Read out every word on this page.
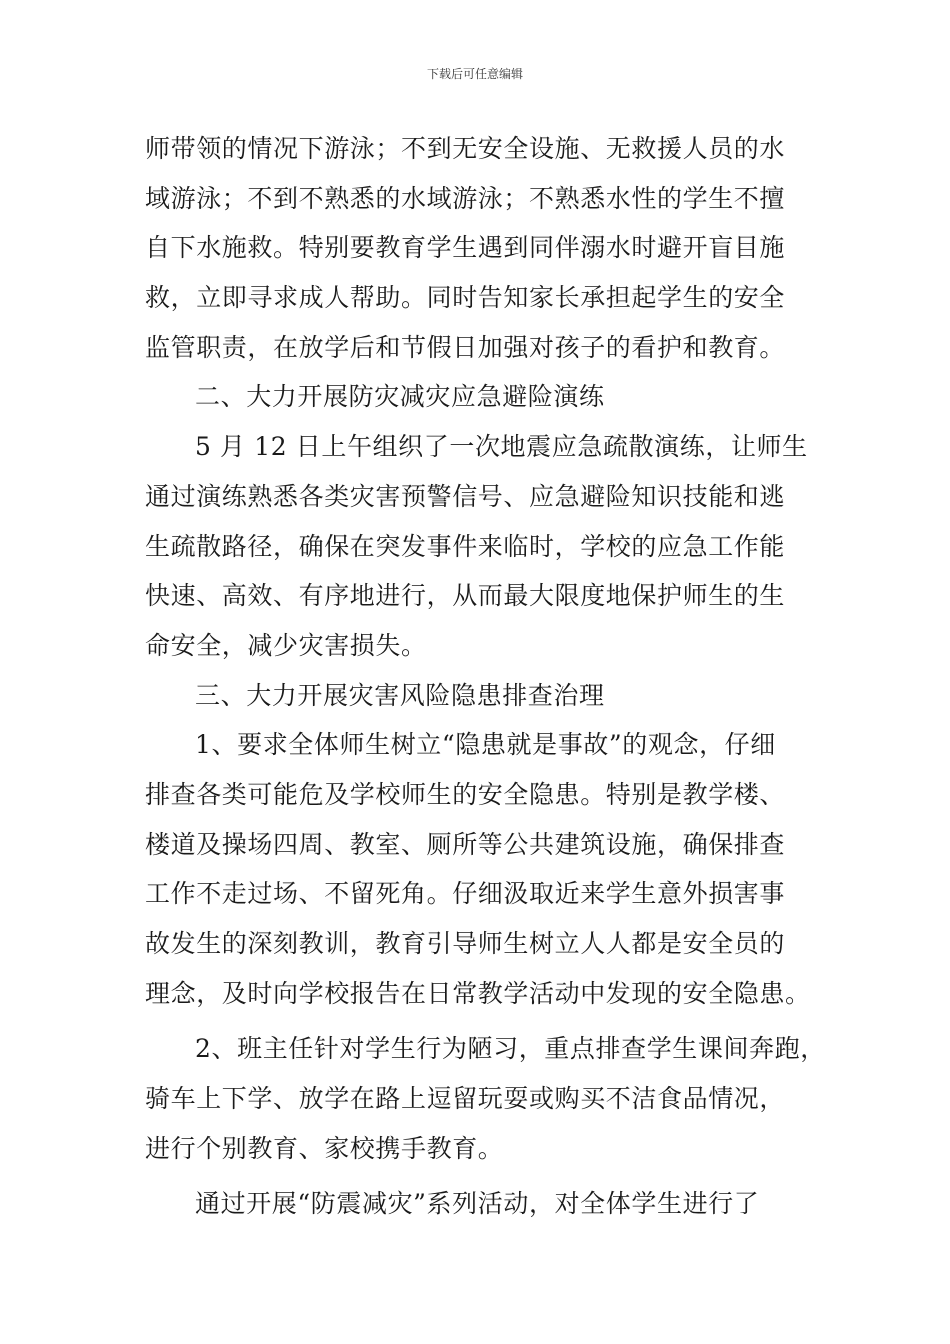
下载后可任意编辑
师带领的情况下游泳；不到无安全设施、无救援人员的水
域游泳；不到不熟悉的水域游泳；不熟悉水性的学生不擅
自下水施救。特别要教育学生遇到同伴溺水时避开盲目施
救，立即寻求成人帮助。同时告知家长承担起学生的安全
监管职责，在放学后和节假日加强对孩子的看护和教育。
二、大力开展防灾减灾应急避险演练
5 月 12 日上午组织了一次地震应急疏散演练，让师生
通过演练熟悉各类灾害预警信号、应急避险知识技能和逃
生疏散路径，确保在突发事件来临时，学校的应急工作能
快速、高效、有序地进行，从而最大限度地保护师生的生
命安全，减少灾害损失。
三、大力开展灾害风险隐患排查治理
1、要求全体师生树立“隐患就是事故”的观念，仔细
排查各类可能危及学校师生的安全隐患。特别是教学楼、
楼道及操场四周、教室、厕所等公共建筑设施，确保排查
工作不走过场、不留死角。仔细汲取近来学生意外损害事
故发生的深刻教训，教育引导师生树立人人都是安全员的
理念，及时向学校报告在日常教学活动中发现的安全隐患。
2、班主任针对学生行为陋习，重点排查学生课间奔跑，
骑车上下学、放学在路上逗留玩耍或购买不洁食品情况，
进行个别教育、家校携手教育。
通过开展“防震减灾”系列活动，对全体学生进行了
